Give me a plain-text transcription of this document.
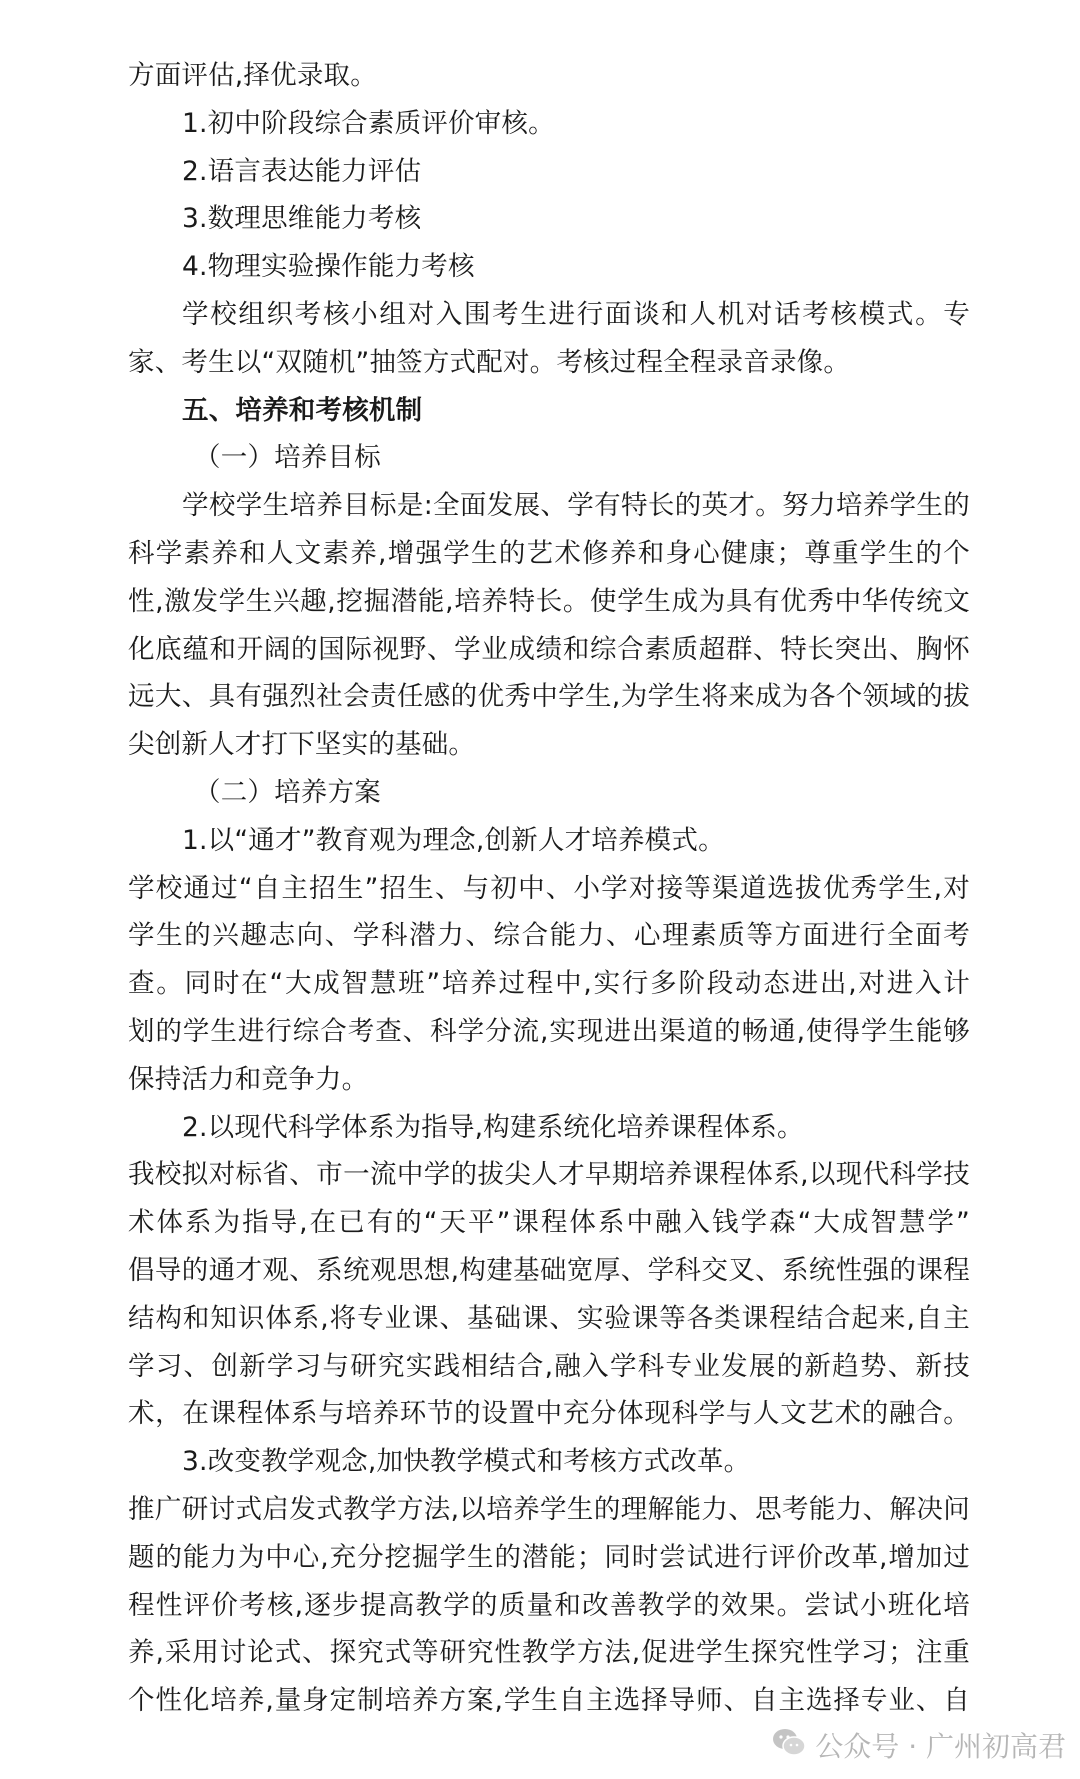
方面评估,择优录取。
1.初中阶段综合素质评价审核。
2.语言表达能力评估
3.数理思维能力考核
4.物理实验操作能力考核
学校组织考核小组对入围考生进行面谈和人机对话考核模式。专
家、考生以“双随机”抽签方式配对。考核过程全程录音录像。
五、培养和考核机制
（一）培养目标
学校学生培养目标是:全面发展、学有特长的英才。努力培养学生的
科学素养和人文素养,增强学生的艺术修养和身心健康；尊重学生的个
性,激发学生兴趣,挖掘潜能,培养特长。使学生成为具有优秀中华传统文
化底蕴和开阔的国际视野、学业成绩和综合素质超群、特长突出、胸怀
远大、具有强烈社会责任感的优秀中学生,为学生将来成为各个领域的拔
尖创新人才打下坚实的基础。
（二）培养方案
1.以“通才”教育观为理念,创新人才培养模式。
学校通过“自主招生”招生、与初中、小学对接等渠道选拔优秀学生,对
学生的兴趣志向、学科潜力、综合能力、心理素质等方面进行全面考
查。同时在“大成智慧班”培养过程中,实行多阶段动态进出,对进入计
划的学生进行综合考查、科学分流,实现进出渠道的畅通,使得学生能够
保持活力和竞争力。
2.以现代科学体系为指导,构建系统化培养课程体系。
我校拟对标省、市一流中学的拔尖人才早期培养课程体系,以现代科学技
术体系为指导,在已有的“天平”课程体系中融入钱学森“大成智慧学”
倡导的通才观、系统观思想,构建基础宽厚、学科交叉、系统性强的课程
结构和知识体系,将专业课、基础课、实验课等各类课程结合起来,自主
学习、创新学习与研究实践相结合,融入学科专业发展的新趋势、新技
术，在课程体系与培养环节的设置中充分体现科学与人文艺术的融合。
3.改变教学观念,加快教学模式和考核方式改革。
推广研讨式启发式教学方法,以培养学生的理解能力、思考能力、解决问
题的能力为中心,充分挖掘学生的潜能；同时尝试进行评价改革,增加过
程性评价考核,逐步提高教学的质量和改善教学的效果。尝试小班化培
养,采用讨论式、探究式等研究性教学方法,促进学生探究性学习；注重
个性化培养,量身定制培养方案,学生自主选择导师、自主选择专业、自
公众号 · 广州初高君
